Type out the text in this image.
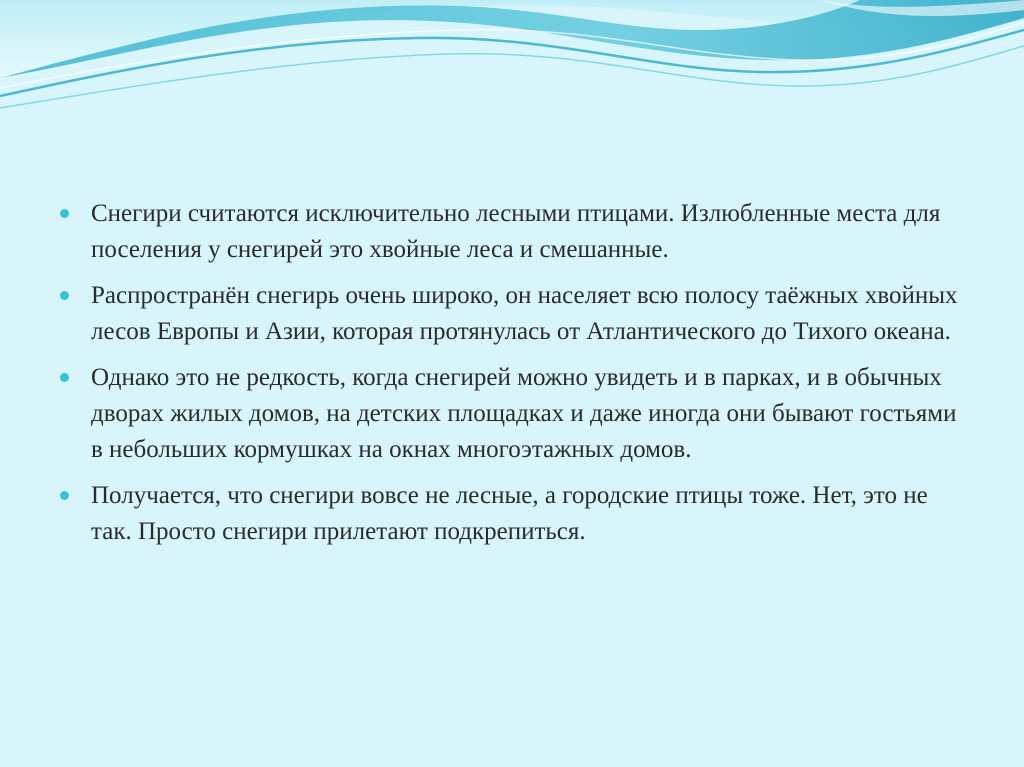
Снегири считаются исключительно лесными птицами. Излюбленные места для поселения у снегирей это хвойные леса и смешанные.
Распространён снегирь очень широко, он населяет всю полосу таёжных хвойных лесов Европы и Азии, которая протянулась от Атлантического до Тихого океана.
Однако это не редкость, когда снегирей можно увидеть и в парках, и в обычных дворах жилых домов, на детских площадках и даже иногда они бывают гостьями в небольших кормушках на окнах многоэтажных домов.
Получается, что снегири вовсе не лесные, а городские птицы тоже. Нет, это не так. Просто снегири прилетают подкрепиться.
